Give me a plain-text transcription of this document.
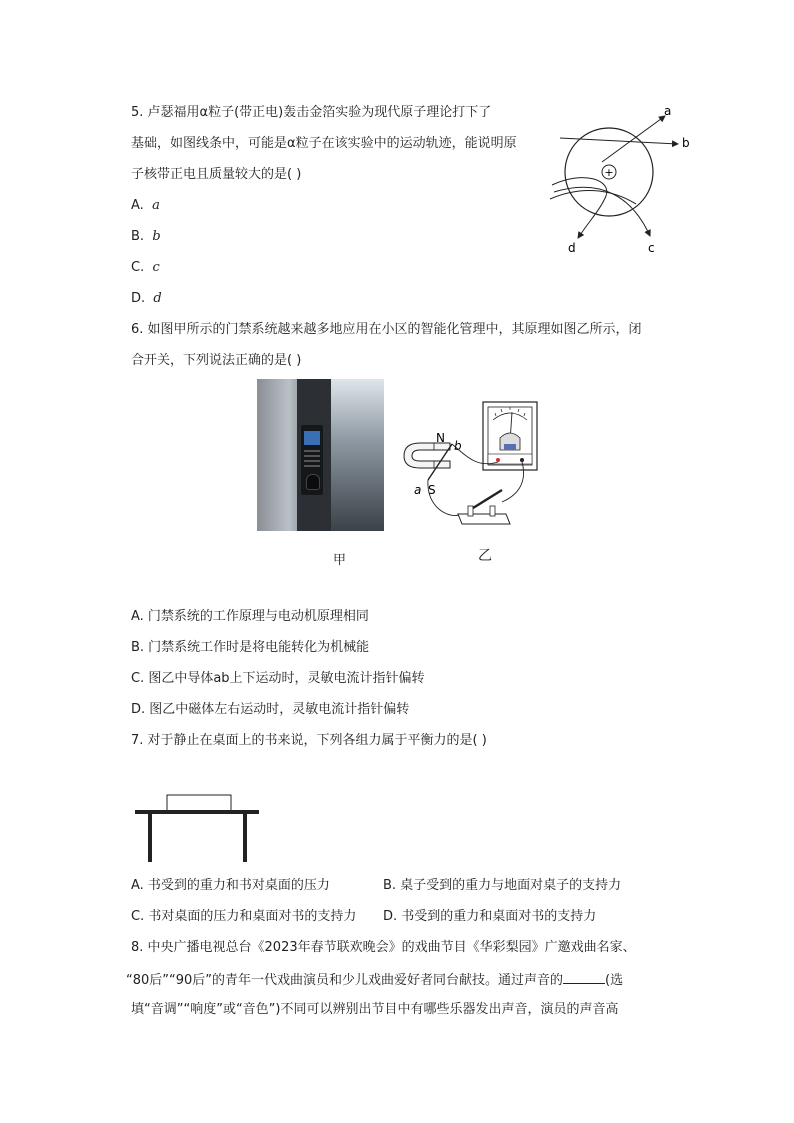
5. 卢瑟福用α粒子(带正电)轰击金箔实验为现代原子理论打下了
基础，如图线条中，可能是α粒子在该实验中的运动轨迹，能说明原
子核带正电且质量较大的是( )
A. a
B. b
C. c
D. d
+
a
b
c
d
6. 如图甲所示的门禁系统越来越多地应用在小区的智能化管理中，其原理如图乙所示，闭
合开关，下列说法正确的是( )
甲
N
S
a
b
乙
A. 门禁系统的工作原理与电动机原理相同
B. 门禁系统工作时是将电能转化为机械能
C. 图乙中导体ab上下运动时，灵敏电流计指针偏转
D. 图乙中磁体左右运动时，灵敏电流计指针偏转
7. 对于静止在桌面上的书来说，下列各组力属于平衡力的是( )
A. 书受到的重力和书对桌面的压力	B. 桌子受到的重力与地面对桌子的支持力
C. 书对桌面的压力和桌面对书的支持力 D. 书受到的重力和桌面对书的支持力
8. 中央广播电视总台《2023年春节联欢晚会》的戏曲节目《华彩梨园》广邀戏曲名家、
“80后”“90后”的青年一代戏曲演员和少儿戏曲爱好者同台献技。通过声音的	(选
填“音调”“响度”或“音色”)不同可以辨别出节目中有哪些乐器发出声音，演员的声音高
